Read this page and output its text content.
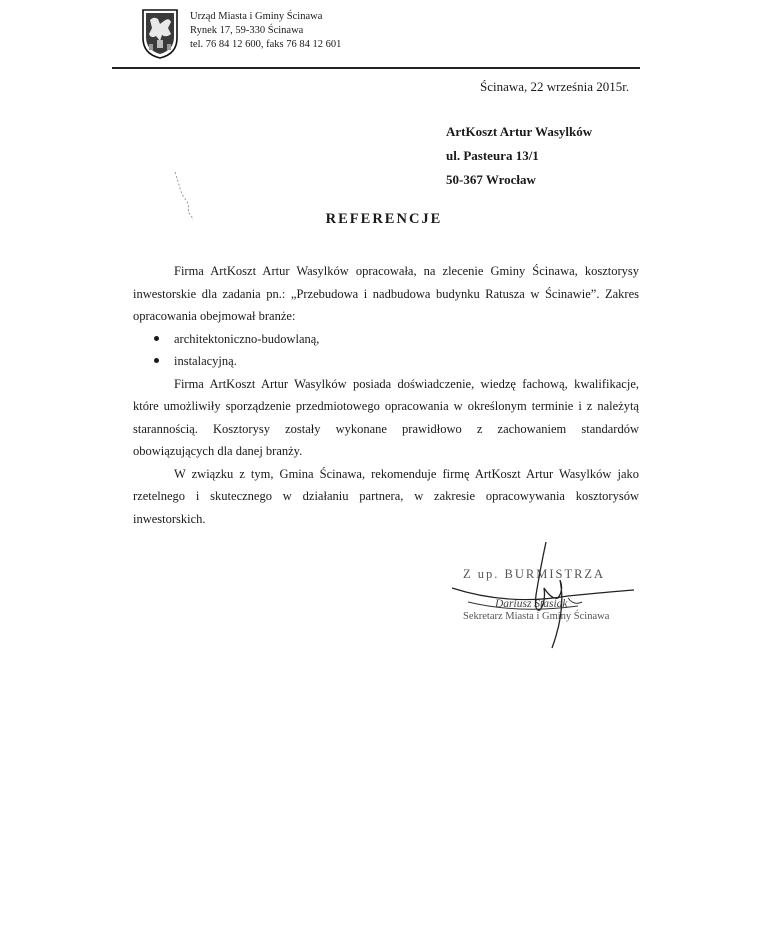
Urząd Miasta i Gminy Ścinawa
Rynek 17, 59-330 Ścinawa
tel. 76 84 12 600, faks 76 84 12 601
Ścinawa, 22 września 2015r.
ArtKoszt Artur Wasylków
ul. Pasteura 13/1
50-367 Wrocław
REFERENCJE

Firma ArtKoszt Artur Wasylków opracowała, na zlecenie Gminy Ścinawa, kosztorysy inwestorskie dla zadania pn.: „Przebudowa i nadbudowa budynku Ratusza w Ścinawie”. Zakres opracowania obejmował branże:

architektoniczno-budowlaną,
instalacyjną.

Firma ArtKoszt Artur Wasylków posiada doświadczenie, wiedzę fachową, kwalifikacje, które umożliwiły sporządzenie przedmiotowego opracowania w określonym terminie i z należytą starannością. Kosztorysy zostały wykonane prawidłowo z zachowaniem standardów obowiązujących dla danej branży.

W związku z tym, Gmina Ścinawa, rekomenduje firmę ArtKoszt Artur Wasylków jako rzetelnego i skutecznego w działaniu partnera, w zakresie opracowywania kosztorysów inwestorskich.

Z up. BURMISTRZA
Dariusz Stasiak
Sekretarz Miasta i Gminy Ścinawa
